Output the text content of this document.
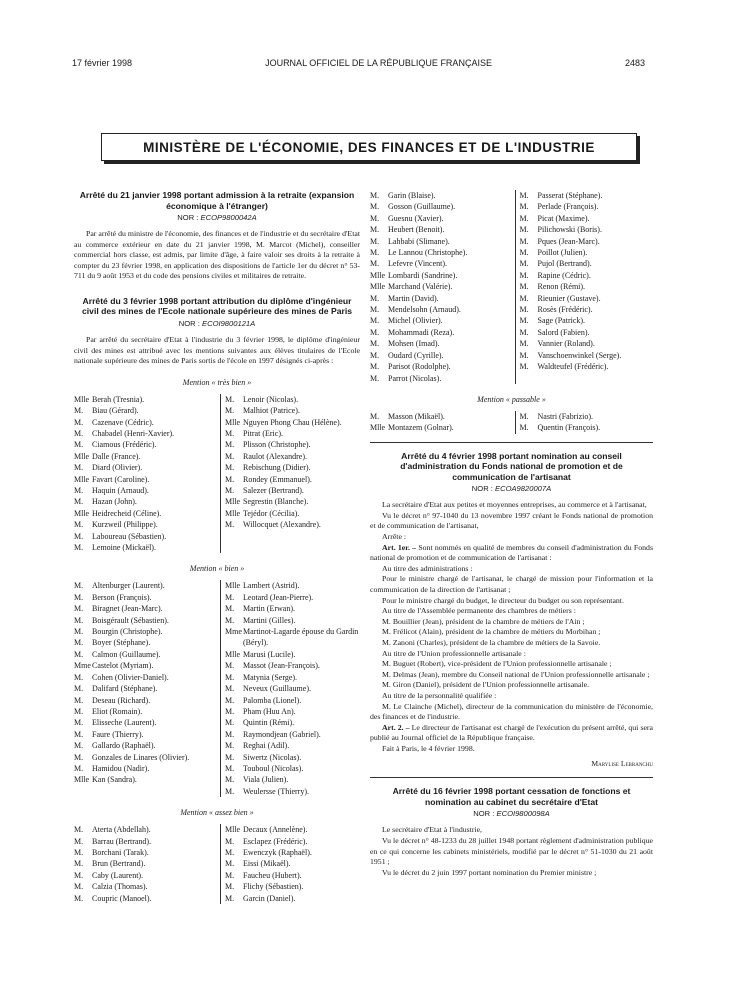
17 février 1998	JOURNAL OFFICIEL DE LA RÉPUBLIQUE FRANÇAISE	2483
MINISTÈRE DE L'ÉCONOMIE, DES FINANCES ET DE L'INDUSTRIE
Arrêté du 21 janvier 1998 portant admission à la retraite (expansion économique à l'étranger)
NOR : ECOP9800042A
Par arrêté du ministre de l'économie, des finances et de l'industrie et du secrétaire d'Etat au commerce extérieur en date du 21 janvier 1998, M. Marcot (Michel), conseiller commercial hors classe, est admis, par limite d'âge, à faire valoir ses droits à la retraite à compter du 23 février 1998, en application des dispositions de l'article 1er du décret n° 53-711 du 9 août 1953 et du code des pensions civiles et militaires de retraite.
Arrêté du 3 février 1998 portant attribution du diplôme d'ingénieur civil des mines de l'Ecole nationale supérieure des mines de Paris
NOR : ECOI9800121A
Par arrêté du secrétaire d'Etat à l'industrie du 3 février 1998, le diplôme d'ingénieur civil des mines est attribué avec les mentions suivantes aux élèves titulaires de l'Ecole nationale supérieure des mines de Paris sortis de l'école en 1997 désignés ci-après :
Mention « très bien »
Mlle Berah (Tresnia).
M.	Biau (Gérard).
M.	Cazenave (Cédric).
M.	Chabadel (Henri-Xavier).
M.	Ciamous (Frédéric).
Mlle Dalle (France).
M.	Diard (Olivier).
Mlle Favart (Caroline).
M.	Haquin (Arnaud).
M.	Hazan (John).
Mlle Heidrecheid (Céline).
M.	Kurzweil (Philippe).
M.	Laboureau (Sébastien).
M.	Lemoine (Mickaël).
M.	Lenoir (Nicolas).
M.	Malhiot (Patrice).
Mlle Nguyen Phong Chau (Hélène).
M.	Pitrat (Eric).
M.	Plisson (Christophe).
M.	Raulot (Alexandre).
M.	Rebischung (Didier).
M.	Rondey (Emmanuel).
M.	Salezer (Bertrand).
Mlle Segrestin (Blanche).
Mlle Tejédor (Cécilia).
M.	Willocquet (Alexandre).
Mention « bien »
M.	Altenburger (Laurent).
M.	Berson (François).
M.	Biragnet (Jean-Marc).
M.	Boisgérault (Sébastien).
M.	Bourgin (Christophe).
M.	Boyer (Stéphane).
M.	Calmon (Guillaume).
Mme Castelot (Myriam).
M.	Cohen (Olivier-Daniel).
M.	Dalifard (Stéphane).
M.	Deseau (Richard).
M.	Eliot (Romain).
M.	Elisseche (Laurent).
M.	Faure (Thierry).
M.	Gallardo (Raphaël).
M.	Gonzales de Linares (Olivier).
M.	Hamidou (Nadir).
Mlle Kan (Sandra).
Mlle Lambert (Astrid).
M.	Leotard (Jean-Pierre).
M.	Martin (Erwan).
M.	Martini (Gilles).
Mme Martinot-Lagarde épouse du Gardin (Béryl).
Mlle Marusi (Lucile).
M.	Massot (Jean-François).
M.	Matynia (Serge).
M.	Neveux (Guillaume).
M.	Palomba (Lionel).
M.	Pham (Huu An).
M.	Quintin (Rémi).
M.	Raymondjean (Gabriel).
M.	Reghai (Adil).
M.	Siwertz (Nicolas).
M.	Touboul (Nicolas).
M.	Viala (Julien).
M.	Weulersse (Thierry).
Mention « assez bien »
M.	Aterta (Abdellah).
M.	Barrau (Bertrand).
M.	Borchani (Tarak).
M.	Brun (Bertrand).
M.	Caby (Laurent).
M.	Calzia (Thomas).
M.	Coupric (Manoel).
Mlle Decaux (Annelène).
M.	Esclapez (Frédéric).
M.	Ewenczyk (Raphaël).
M.	Eissi (Mikaël).
M.	Faucheu (Hubert).
M.	Flichy (Sébastien).
M.	Garcin (Daniel).
M.	Garin (Blaise).
M.	Gosson (Guillaume).
M.	Guesnu (Xavier).
M.	Heubert (Benoit).
M.	Lahbabi (Slimane).
M.	Le Lannou (Christophe).
M.	Lefevre (Vincent).
Mlle Lombardi (Sandrine).
Mlle Marchand (Valérie).
M.	Martin (David).
M.	Mendelsohn (Arnaud).
M.	Michel (Olivier).
M.	Mohammadi (Reza).
M.	Mohsen (Imad).
M.	Oudard (Cyrille).
M.	Parisot (Rodolphe).
M.	Parrot (Nicolas).
M.	Passerat (Stéphane).
M.	Perlade (François).
M.	Picat (Maxime).
M.	Pilichowski (Boris).
M.	Pques (Jean-Marc).
M.	Poillot (Julien).
M.	Pujol (Bertrand).
M.	Rapine (Cédric).
M.	Renon (Rémi).
M.	Rieunier (Gustave).
M.	Rosès (Frédéric).
M.	Sage (Patrick).
M.	Salord (Fabien).
M.	Vannier (Roland).
M.	Vanschoenwinkel (Serge).
M.	Waldteufel (Frédéric).
Mention « passable »
M.	Masson (Mikaël).
Mlle Montazem (Golnar).
M.	Nastri (Fabrizio).
M.	Quentin (François).
Arrêté du 4 février 1998 portant nomination au conseil d'administration du Fonds national de promotion et de communication de l'artisanat
NOR : ECOA9820007A
La secrétaire d'Etat aux petites et moyennes entreprises, au commerce et à l'artisanat,
Vu le décret n° 97-1040 du 13 novembre 1997 créant le Fonds national de promotion et de communication de l'artisanat,
Arrête :
Art. 1er. – Sont nommés en qualité de membres du conseil d'administration du Fonds national de promotion et de communication de l'artisanat :
Au titre des administrations :
Pour le ministre chargé de l'artisanat, le chargé de mission pour l'information et la communication de la direction de l'artisanat ;
Pour le ministre chargé du budget, le directeur du budget ou son représentant.
Au titre de l'Assemblée permanente des chambres de métiers :
M. Bouillier (Jean), président de la chambre de métiers de l'Ain ;
M. Frélicot (Alain), président de la chambre de métiers du Morbihan ;
M. Zanoni (Charles), président de la chambre de métiers de la Savoie.
Au titre de l'Union professionnelle artisanale :
M. Buguet (Robert), vice-président de l'Union professionnelle artisanale ;
M. Delmas (Jean), membre du Conseil national de l'Union professionnelle artisanale ;
M. Giron (Daniel), président de l'Union professionnelle artisanale.
Au titre de la personnalité qualifiée :
M. Le Clainche (Michel), directeur de la communication du ministère de l'économie, des finances et de l'industrie.
Art. 2. – Le directeur de l'artisanat est chargé de l'exécution du présent arrêté, qui sera publié au Journal officiel de la République française.
Fait à Paris, le 4 février 1998.
Marylise Lebranchu
Arrêté du 16 février 1998 portant cessation de fonctions et nomination au cabinet du secrétaire d'Etat
NOR : ECOI9800098A
Le secrétaire d'Etat à l'industrie,
Vu le décret n° 48-1233 du 28 juillet 1948 portant règlement d'administration publique en ce qui concerne les cabinets ministériels, modifié par le décret n° 51-1030 du 21 août 1951 ;
Vu le décret du 2 juin 1997 portant nomination du Premier ministre ;
